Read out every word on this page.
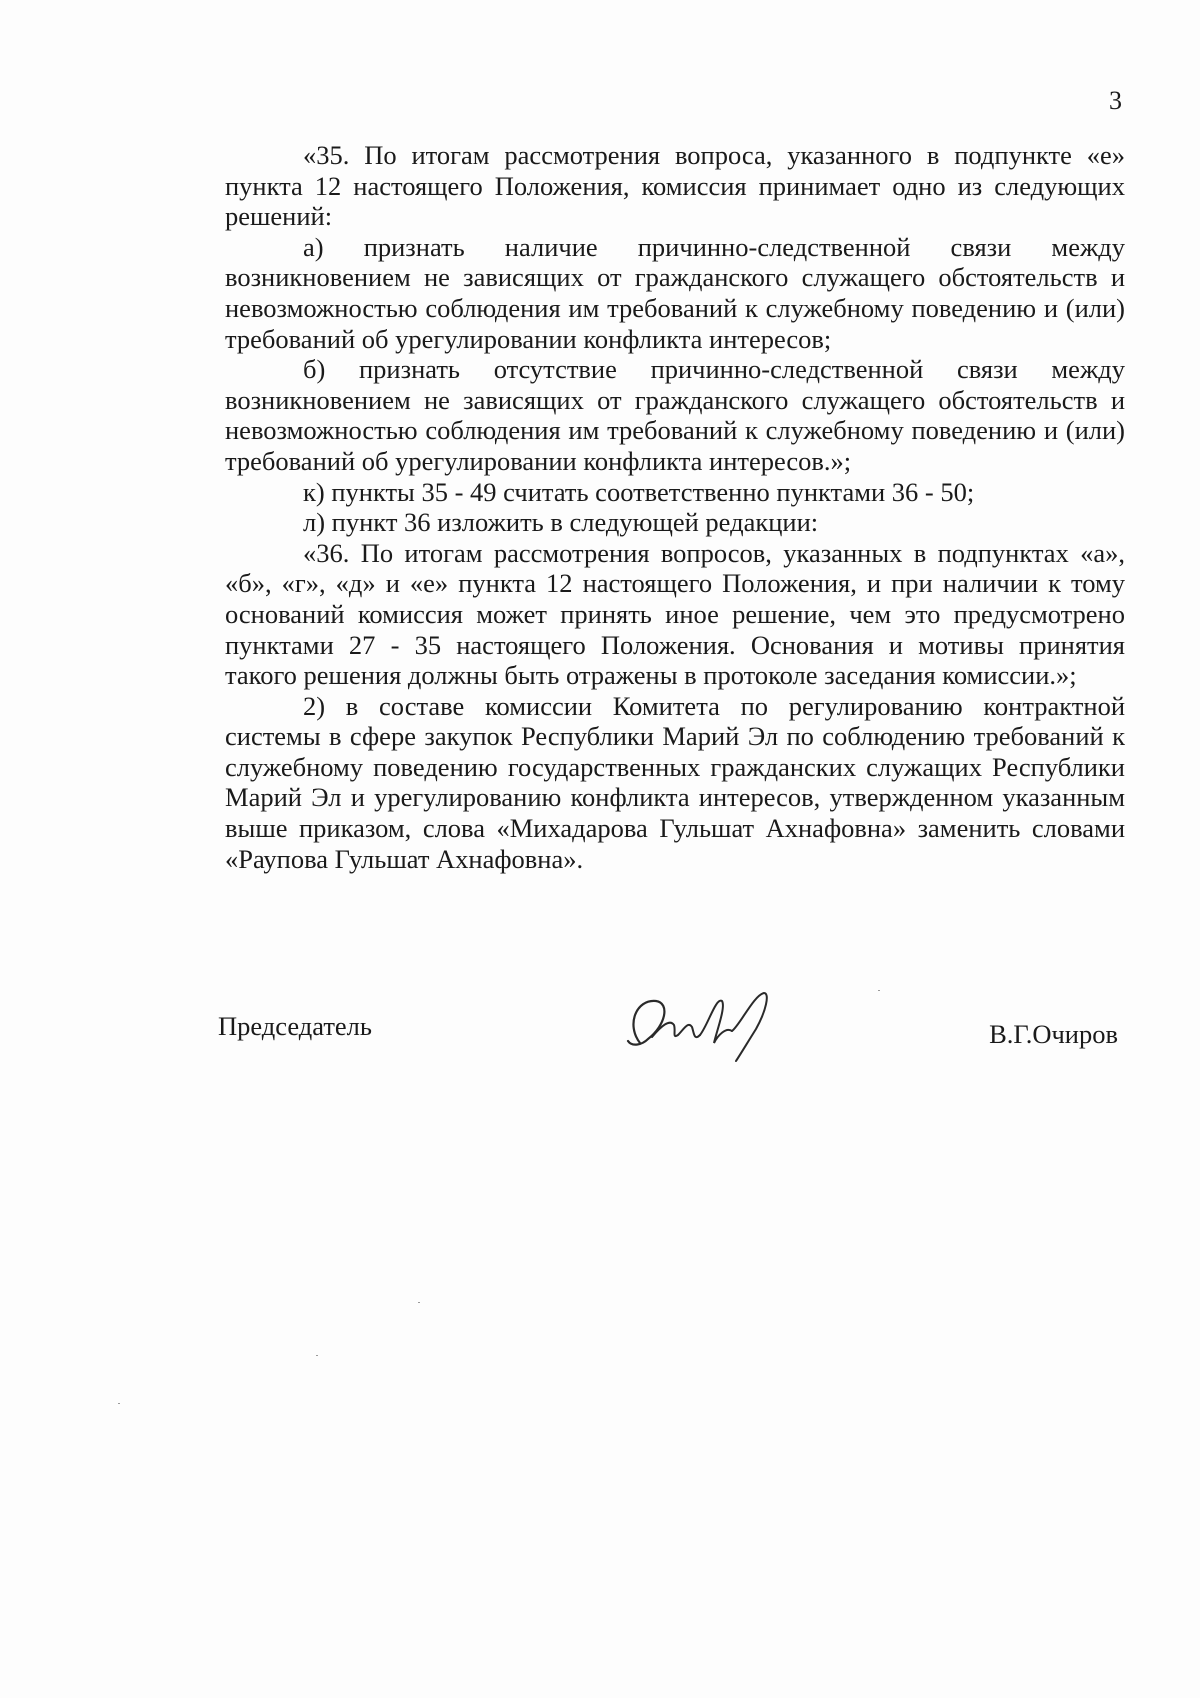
3

«35. По итогам рассмотрения вопроса, указанного в подпункте «е» пункта 12 настоящего Положения, комиссия принимает одно из следующих решений:

а) признать наличие причинно-следственной связи между возникновением не зависящих от гражданского служащего обстоятельств и невозможностью соблюдения им требований к служебному поведению и (или) требований об урегулировании конфликта интересов;

б) признать отсутствие причинно-следственной связи между возникновением не зависящих от гражданского служащего обстоятельств и невозможностью соблюдения им требований к служебному поведению и (или) требований об урегулировании конфликта интересов.»;

к) пункты 35 - 49 считать соответственно пунктами 36 - 50;

л) пункт 36 изложить в следующей редакции:

«36. По итогам рассмотрения вопросов, указанных в подпунктах «а», «б», «г», «д» и «е» пункта 12 настоящего Положения, и при наличии к тому оснований комиссия может принять иное решение, чем это предусмотрено пунктами 27 - 35 настоящего Положения. Основания и мотивы принятия такого решения должны быть отражены в протоколе заседания комиссии.»;

2) в составе комиссии Комитета по регулированию контрактной системы в сфере закупок Республики Марий Эл по соблюдению требований к служебному поведению государственных гражданских служащих Республики Марий Эл и урегулированию конфликта интересов, утвержденном указанным выше приказом, слова «Михадарова Гульшат Ахнафовна» заменить словами «Раупова Гульшат Ахнафовна».

Председатель	В.Г.Очиров
